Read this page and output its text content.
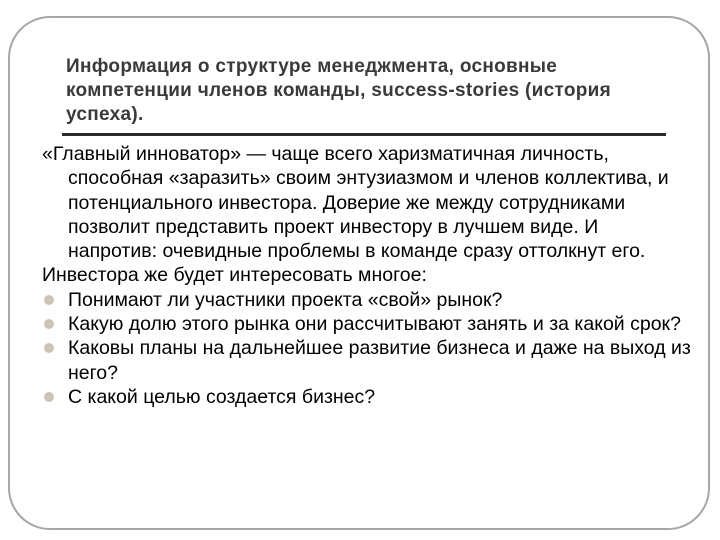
Информация о структуре менеджмента, основные компетенции членов команды, success-stories (история успеха).

«Главный инноватор» — чаще всего харизматичная личность, способная «заразить» своим энтузиазмом и членов коллектива, и потенциального инвестора. Доверие же между сотрудниками позволит представить проект инвестору в лучшем виде. И напротив: очевидные проблемы в команде сразу оттолкнут его.

Инвестора же будет интересовать многое:

Понимают ли участники проекта «свой» рынок?
Какую долю этого рынка они рассчитывают занять и за какой срок?
Каковы планы на дальнейшее развитие бизнеса и даже на выход из него?
С какой целью создается бизнес?
